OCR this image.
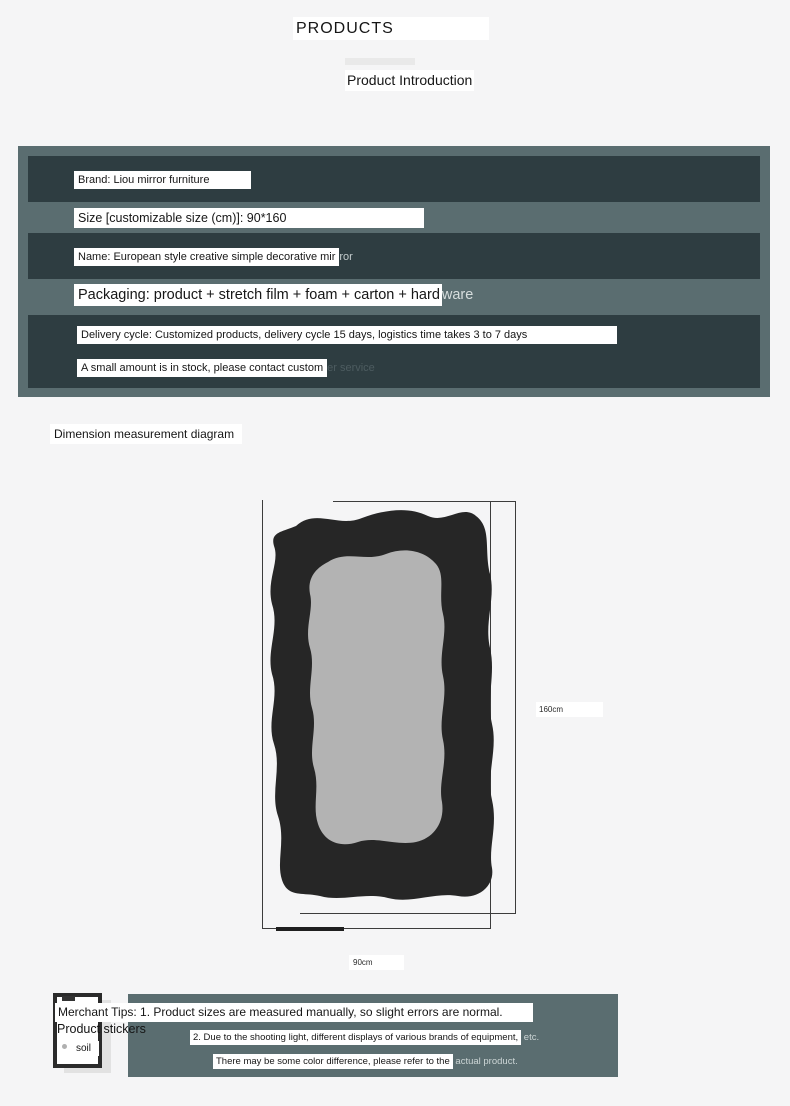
PRODUCTS
Product Introduction
Brand: Liou mirror furniture
Size [customizable size (cm)]: 90*160
Name: European style creative simple decorative mir ror
Packaging: product + stretch film + foam + carton + hard ware
Delivery cycle: Customized products, delivery cycle 15 days, logistics time takes 3 to 7 days
A small amount is in stock, please contact custom er service
Dimension measurement diagram
160cm
90cm
Merchant Tips: 1. Product sizes are measured manually, so slight errors are normal.
Product stickers
soil
2. Due to the shooting light, different displays of various brands of equipment, etc.
There may be some color difference, please refer to the actual product.
